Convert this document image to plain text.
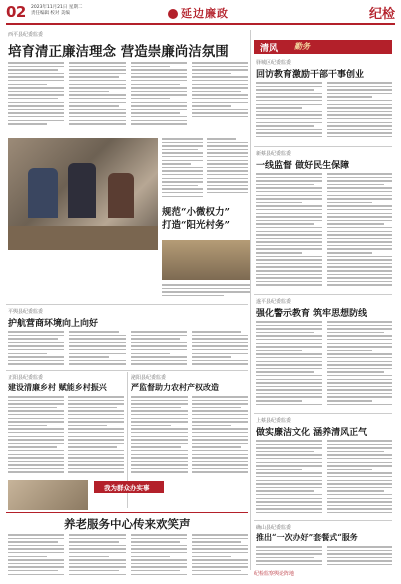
02 2023年11月21日 星期二
责任编辑 校对 美编	延边廉政	纪检
西平县纪委监委
培育清正廉洁理念 营造崇廉尚洁氛围
规范“小微权力”
打造“阳光村务”
清风 勤务
驿城区纪委监委
回访教育激励干部干事创业
新蔡县纪委监委
一线监督 做好民生保障
遂平县纪委监委
强化警示教育 筑牢思想防线
上蔡县纪委监委
做实廉洁文化 涵养清风正气
确山县纪委监委
推出“一次办好”套餐式“服务
纪检监察舆论阵地
平舆县纪委监委
护航营商环境向上向好
正阳县纪委监委
建设清廉乡村 赋能乡村振兴
泌阳县纪委监委
严监督助力农村产权改造
我为群众办实事
养老服务中心传来欢笑声
